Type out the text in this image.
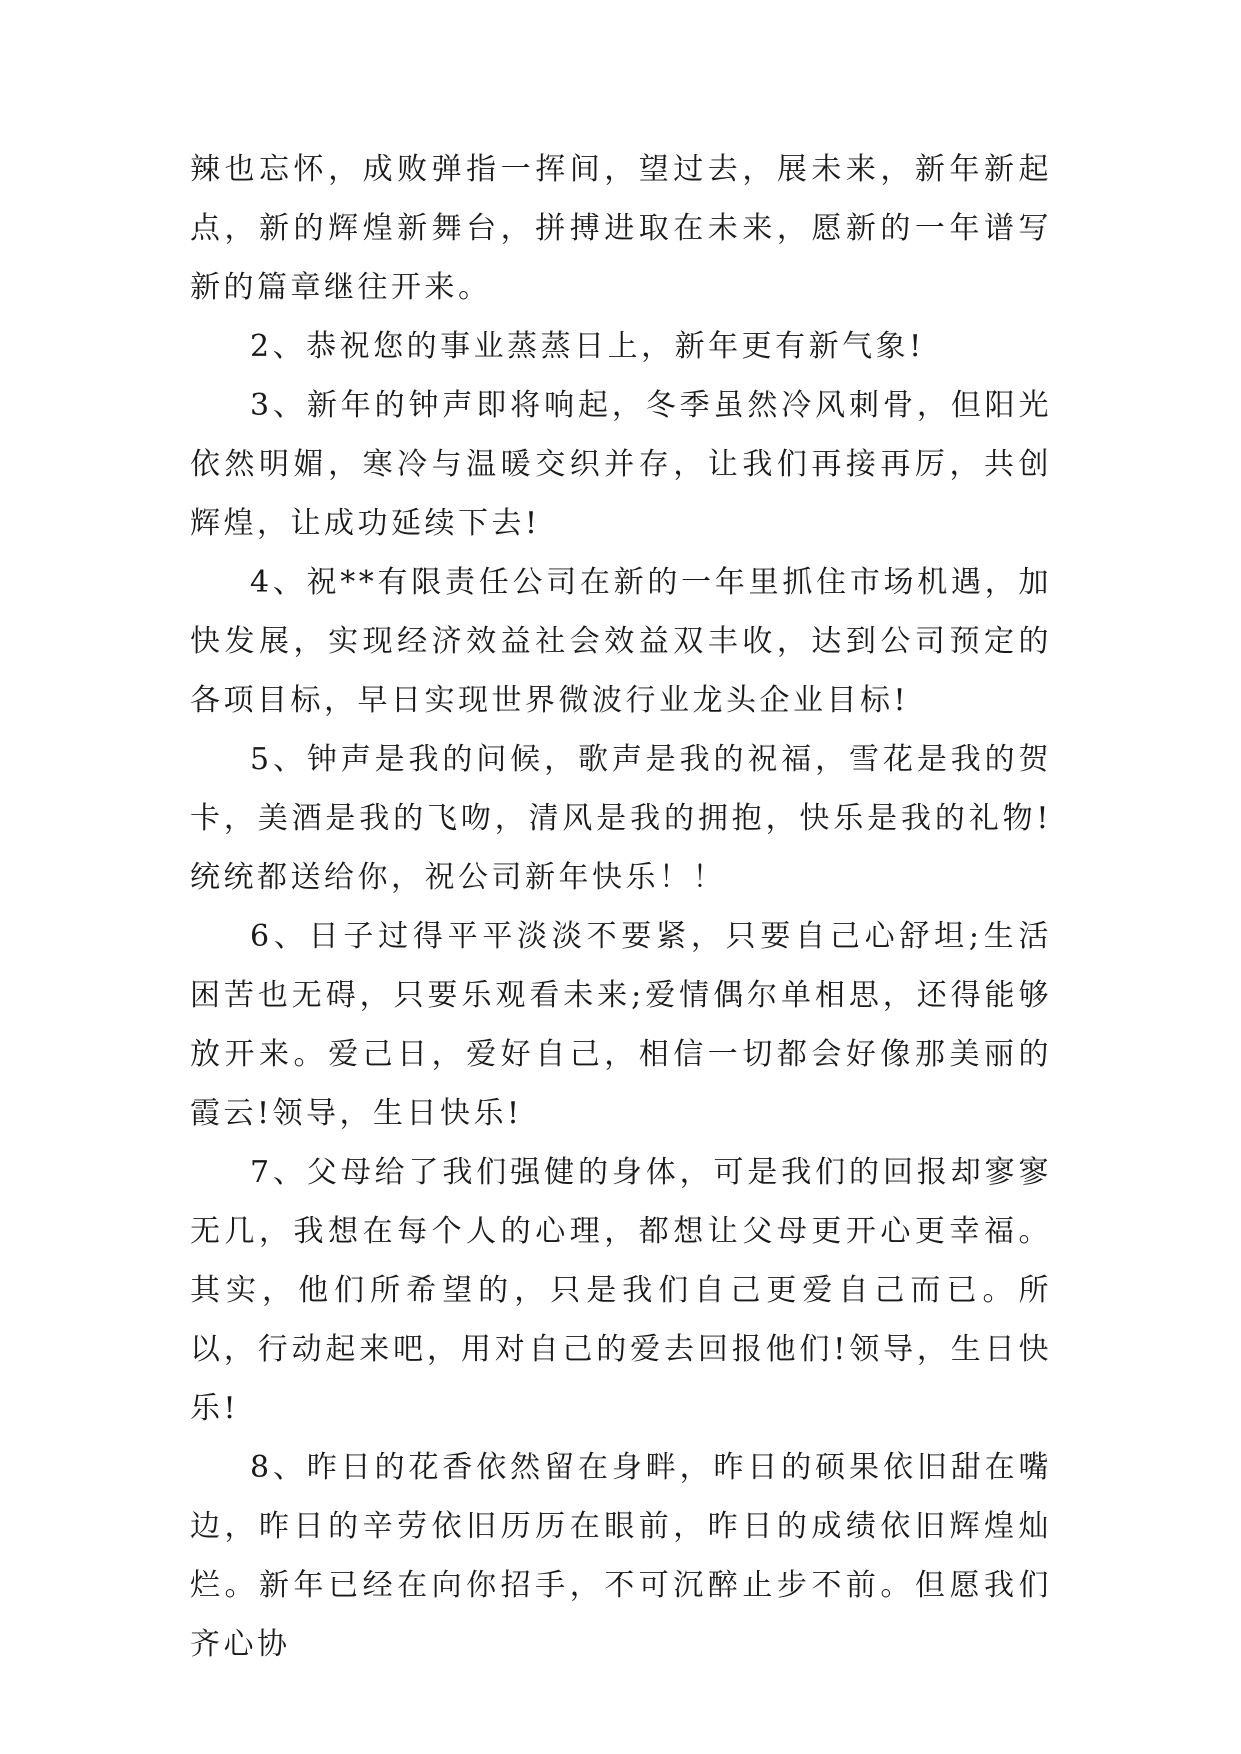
辣也忘怀，成败弹指一挥间，望过去，展未来，新年新起点，新的辉煌新舞台，拼搏进取在未来，愿新的一年谱写新的篇章继往开来。

2、恭祝您的事业蒸蒸日上，新年更有新气象!

3、新年的钟声即将响起，冬季虽然冷风刺骨，但阳光依然明媚，寒冷与温暖交织并存，让我们再接再厉，共创辉煌，让成功延续下去!

4、祝**有限责任公司在新的一年里抓住市场机遇，加快发展，实现经济效益社会效益双丰收，达到公司预定的各项目标，早日实现世界微波行业龙头企业目标!

5、钟声是我的问候，歌声是我的祝福，雪花是我的贺卡，美酒是我的飞吻，清风是我的拥抱，快乐是我的礼物!统统都送给你，祝公司新年快乐！！

6、日子过得平平淡淡不要紧，只要自己心舒坦;生活困苦也无碍，只要乐观看未来;爱情偶尔单相思，还得能够放开来。爱己日，爱好自己，相信一切都会好像那美丽的霞云!领导，生日快乐!

7、父母给了我们强健的身体，可是我们的回报却寥寥无几，我想在每个人的心理，都想让父母更开心更幸福。其实，他们所希望的，只是我们自己更爱自己而已。所以，行动起来吧，用对自己的爱去回报他们!领导，生日快乐!

8、昨日的花香依然留在身畔，昨日的硕果依旧甜在嘴边，昨日的辛劳依旧历历在眼前，昨日的成绩依旧辉煌灿烂。新年已经在向你招手，不可沉醉止步不前。但愿我们齐心协
